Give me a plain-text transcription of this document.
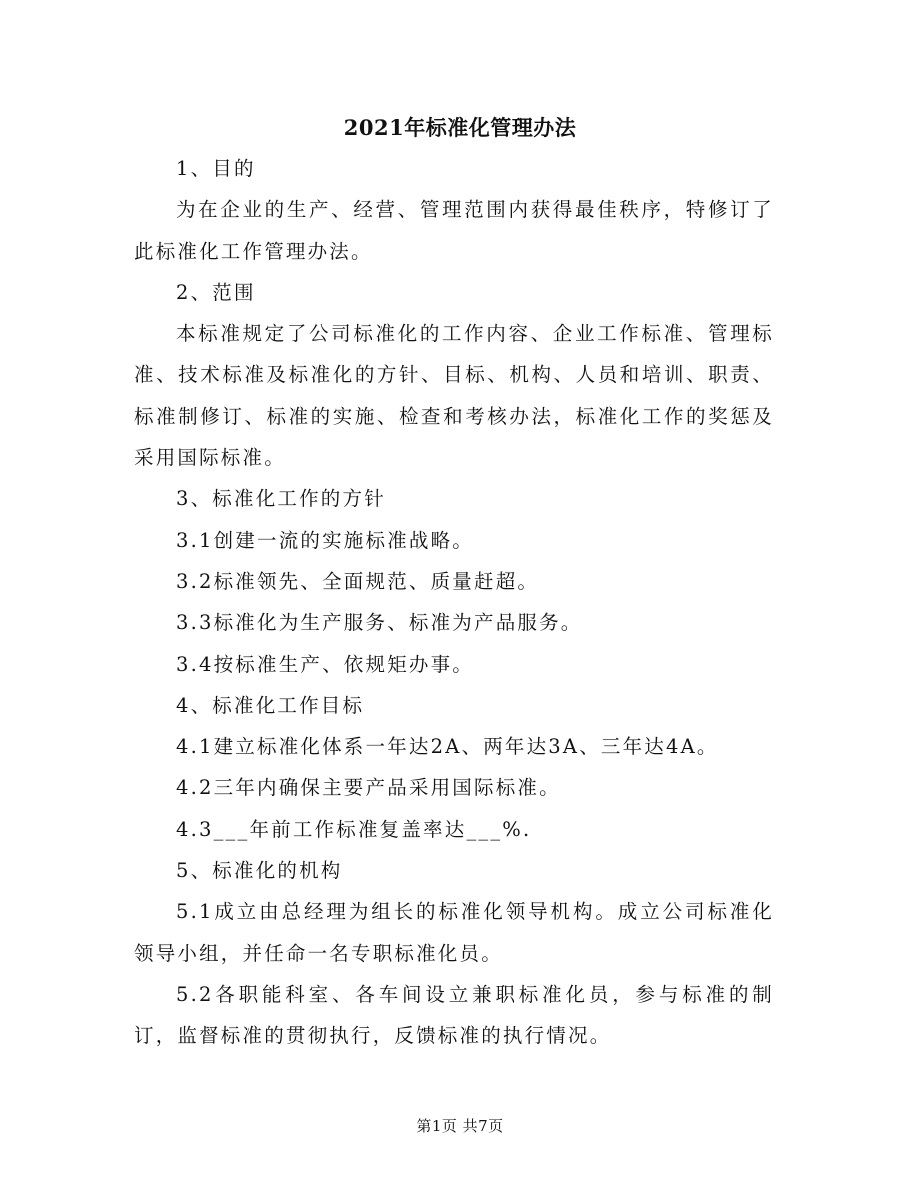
2021年标准化管理办法

1、目的

为在企业的生产、经营、管理范围内获得最佳秩序，特修订了此标准化工作管理办法。

2、范围

本标准规定了公司标准化的工作内容、企业工作标准、管理标准、技术标准及标准化的方针、目标、机构、人员和培训、职责、标准制修订、标准的实施、检查和考核办法，标准化工作的奖惩及采用国际标准。

3、标准化工作的方针

3.1创建一流的实施标准战略。

3.2标准领先、全面规范、质量赶超。

3.3标准化为生产服务、标准为产品服务。

3.4按标准生产、依规矩办事。

4、标准化工作目标

4.1建立标准化体系一年达2A、两年达3A、三年达4A。

4.2三年内确保主要产品采用国际标准。

4.3___年前工作标准复盖率达___%.

5、标准化的机构

5.1成立由总经理为组长的标准化领导机构。成立公司标准化领导小组，并任命一名专职标准化员。

5.2各职能科室、各车间设立兼职标准化员，参与标准的制订，监督标准的贯彻执行，反馈标准的执行情况。

第1页 共7页
